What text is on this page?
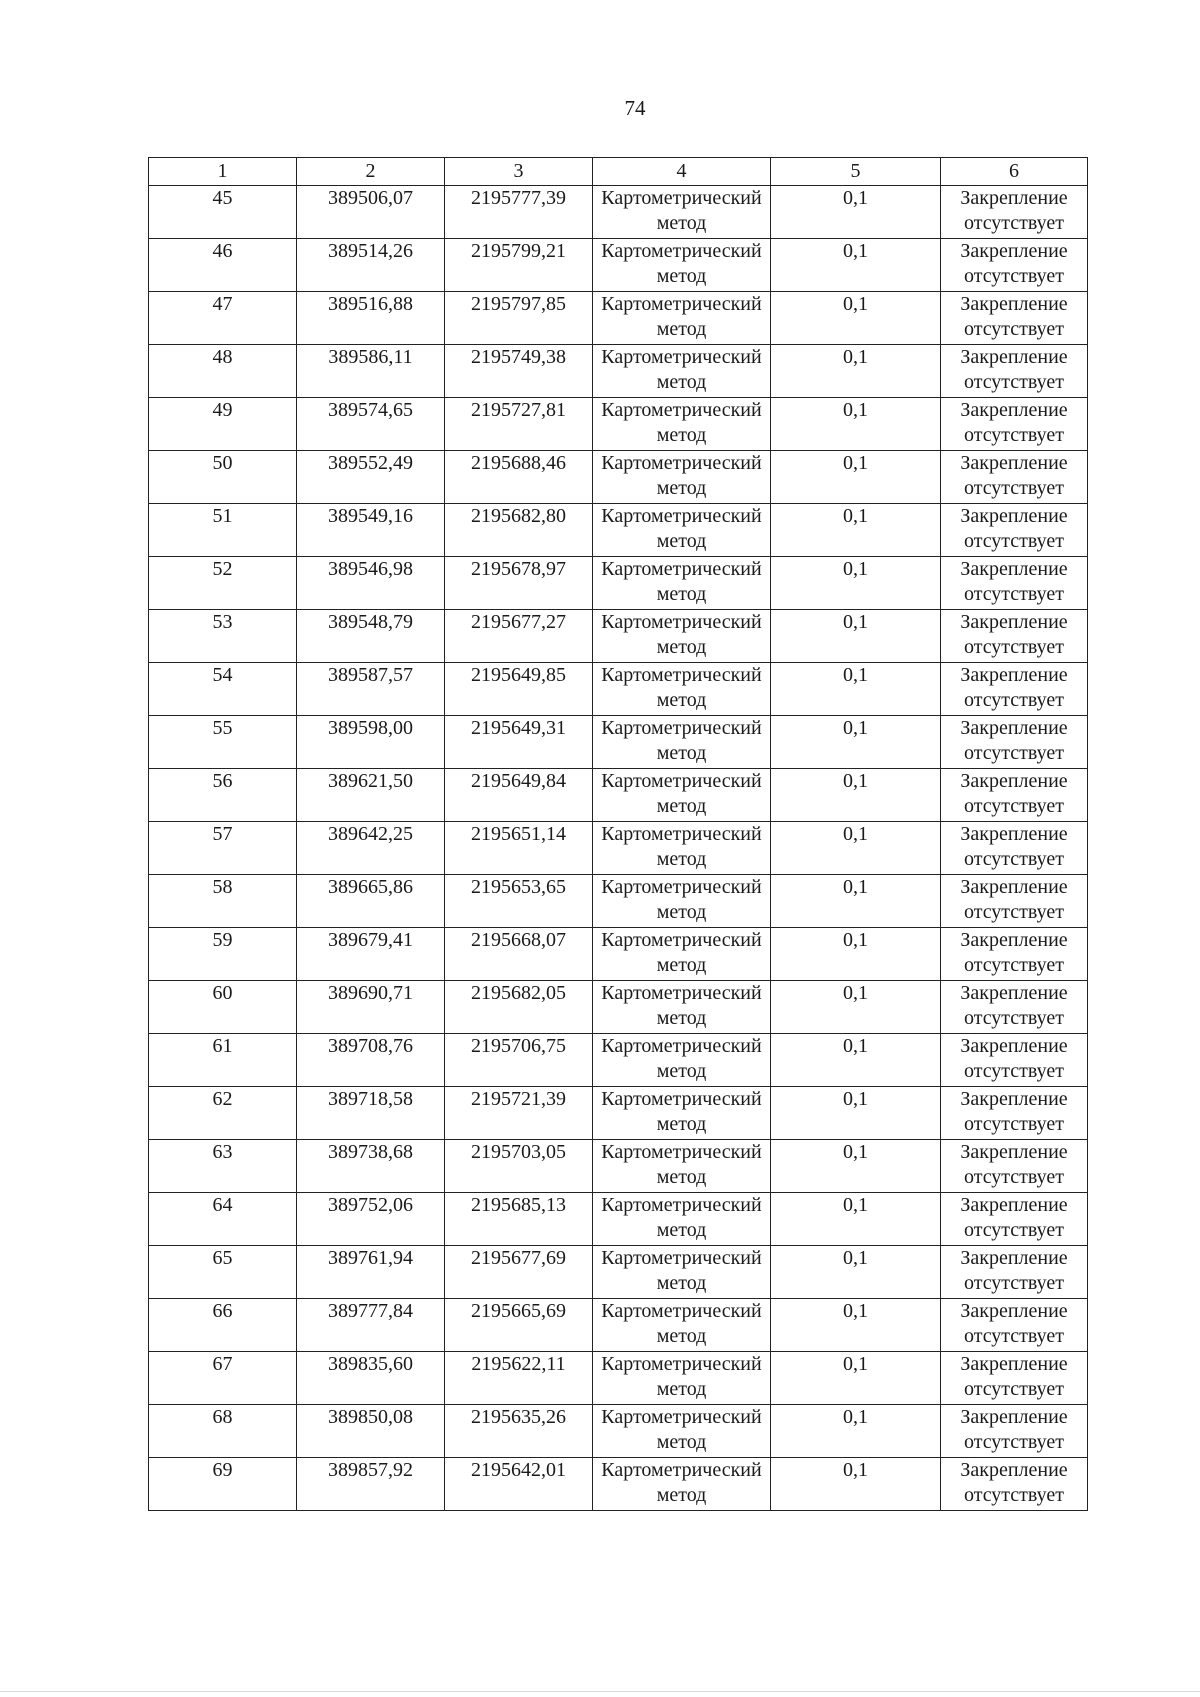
74
1	2	3	4	5	6

45	389506,07	2195777,39	Картометрический метод	0,1	Закрепление отсутствует

46	389514,26	2195799,21	Картометрический метод	0,1	Закрепление отсутствует

47	389516,88	2195797,85	Картометрический метод	0,1	Закрепление отсутствует

48	389586,11	2195749,38	Картометрический метод	0,1	Закрепление отсутствует

49	389574,65	2195727,81	Картометрический метод	0,1	Закрепление отсутствует

50	389552,49	2195688,46	Картометрический метод	0,1	Закрепление отсутствует

51	389549,16	2195682,80	Картометрический метод	0,1	Закрепление отсутствует

52	389546,98	2195678,97	Картометрический метод	0,1	Закрепление отсутствует

53	389548,79	2195677,27	Картометрический метод	0,1	Закрепление отсутствует

54	389587,57	2195649,85	Картометрический метод	0,1	Закрепление отсутствует

55	389598,00	2195649,31	Картометрический метод	0,1	Закрепление отсутствует

56	389621,50	2195649,84	Картометрический метод	0,1	Закрепление отсутствует

57	389642,25	2195651,14	Картометрический метод	0,1	Закрепление отсутствует

58	389665,86	2195653,65	Картометрический метод	0,1	Закрепление отсутствует

59	389679,41	2195668,07	Картометрический метод	0,1	Закрепление отсутствует

60	389690,71	2195682,05	Картометрический метод	0,1	Закрепление отсутствует

61	389708,76	2195706,75	Картометрический метод	0,1	Закрепление отсутствует

62	389718,58	2195721,39	Картометрический метод	0,1	Закрепление отсутствует

63	389738,68	2195703,05	Картометрический метод	0,1	Закрепление отсутствует

64	389752,06	2195685,13	Картометрический метод	0,1	Закрепление отсутствует

65	389761,94	2195677,69	Картометрический метод	0,1	Закрепление отсутствует

66	389777,84	2195665,69	Картометрический метод	0,1	Закрепление отсутствует

67	389835,60	2195622,11	Картометрический метод	0,1	Закрепление отсутствует

68	389850,08	2195635,26	Картометрический метод	0,1	Закрепление отсутствует

69	389857,92	2195642,01	Картометрический метод	0,1	Закрепление отсутствует
